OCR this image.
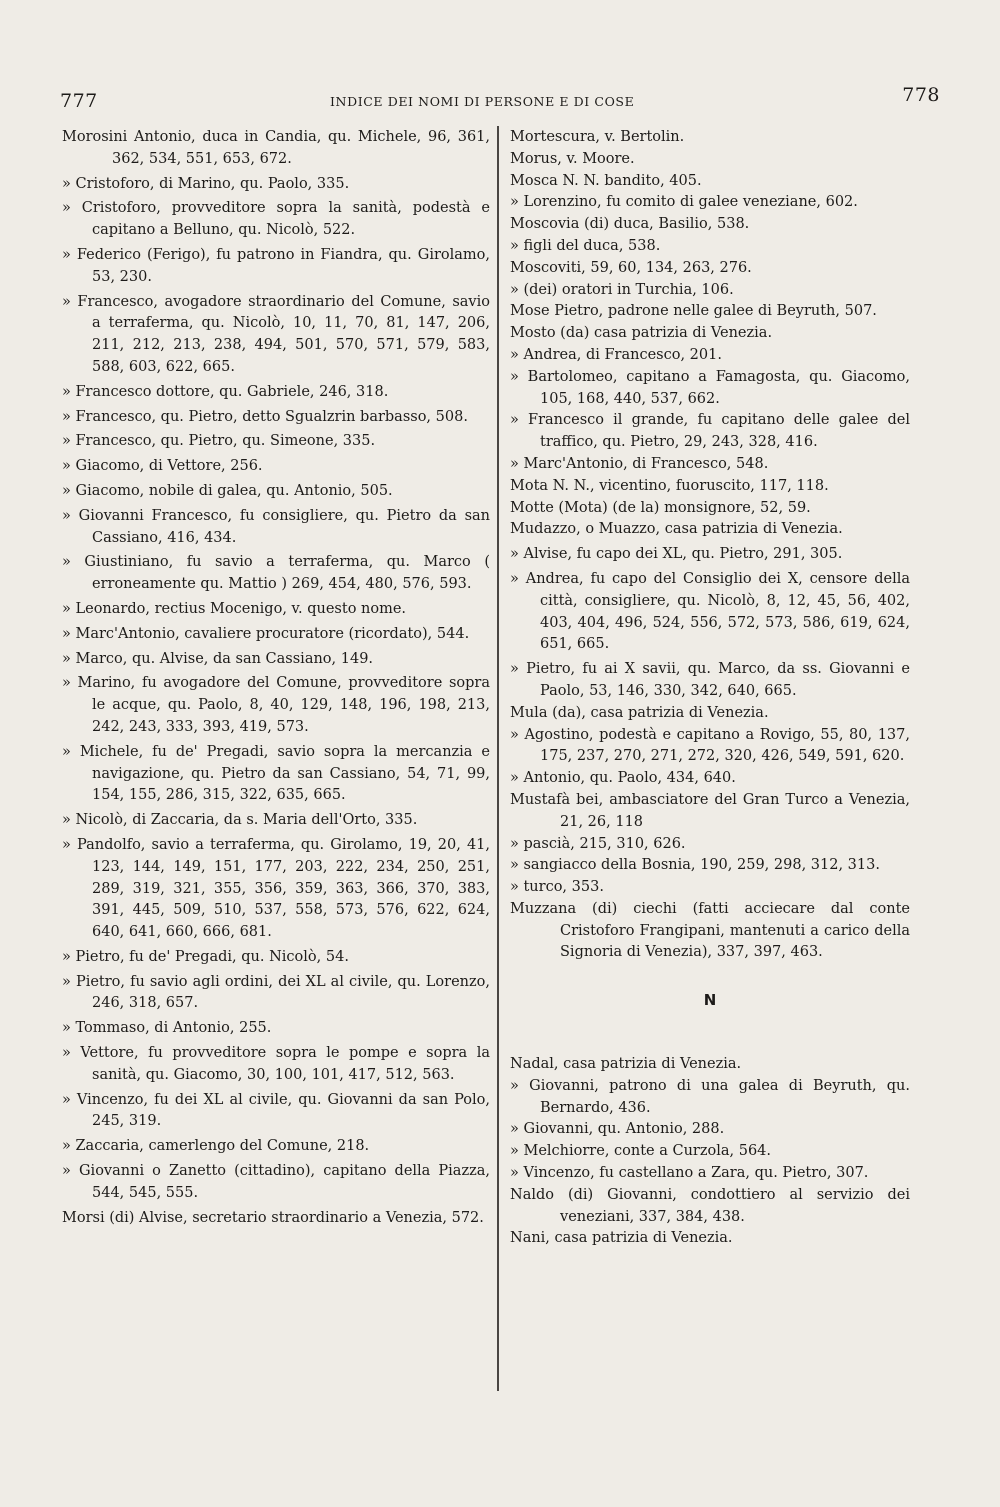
777	INDICE DEI NOMI DI PERSONE E DI COSE	778
Morosini Antonio, duca in Candia, qu. Michele, 96, 361, 362, 534, 551, 653, 672.
» Cristoforo, di Marino, qu. Paolo, 335.
» Cristoforo, provveditore sopra la sanità, podestà e capitano a Belluno, qu. Nicolò, 522.
» Federico (Ferigo), fu patrono in Fiandra, qu. Girolamo, 53, 230.
» Francesco, avogadore straordinario del Comune, savio a terraferma, qu. Nicolò, 10, 11, 70, 81, 147, 206, 211, 212, 213, 238, 494, 501, 570, 571, 579, 583, 588, 603, 622, 665.
» Francesco dottore, qu. Gabriele, 246, 318.
» Francesco, qu. Pietro, detto Sgualzrin barbasso, 508.
» Francesco, qu. Pietro, qu. Simeone, 335.
» Giacomo, di Vettore, 256.
» Giacomo, nobile di galea, qu. Antonio, 505.
» Giovanni Francesco, fu consigliere, qu. Pietro da san Cassiano, 416, 434.
» Giustiniano, fu savio a terraferma, qu. Marco ( erroneamente qu. Mattio ) 269, 454, 480, 576, 593.
» Leonardo, rectius Mocenigo, v. questo nome.
» Marc'Antonio, cavaliere procuratore (ricordato), 544.
» Marco, qu. Alvise, da san Cassiano, 149.
» Marino, fu avogadore del Comune, provveditore sopra le acque, qu. Paolo, 8, 40, 129, 148, 196, 198, 213, 242, 243, 333, 393, 419, 573.
» Michele, fu de' Pregadi, savio sopra la mercanzia e navigazione, qu. Pietro da san Cassiano, 54, 71, 99, 154, 155, 286, 315, 322, 635, 665.
» Nicolò, di Zaccaria, da s. Maria dell'Orto, 335.
» Pandolfo, savio a terraferma, qu. Girolamo, 19, 20, 41, 123, 144, 149, 151, 177, 203, 222, 234, 250, 251, 289, 319, 321, 355, 356, 359, 363, 366, 370, 383, 391, 445, 509, 510, 537, 558, 573, 576, 622, 624, 640, 641, 660, 666, 681.
» Pietro, fu de' Pregadi, qu. Nicolò, 54.
» Pietro, fu savio agli ordini, dei XL al civile, qu. Lorenzo, 246, 318, 657.
» Tommaso, di Antonio, 255.
» Vettore, fu provveditore sopra le pompe e sopra la sanità, qu. Giacomo, 30, 100, 101, 417, 512, 563.
» Vincenzo, fu dei XL al civile, qu. Giovanni da san Polo, 245, 319.
» Zaccaria, camerlengo del Comune, 218.
» Giovanni o Zanetto (cittadino), capitano della Piazza, 544, 545, 555.
Morsi (di) Alvise, secretario straordinario a Venezia, 572.
Mortescura, v. Bertolin.
Morus, v. Moore.
Mosca N. N. bandito, 405.
» Lorenzino, fu comito di galee veneziane, 602.
Moscovia (di) duca, Basilio, 538.
» figli del duca, 538.
Moscoviti, 59, 60, 134, 263, 276.
» (dei) oratori in Turchia, 106.
Mose Pietro, padrone nelle galee di Beyruth, 507.
Mosto (da) casa patrizia di Venezia.
» Andrea, di Francesco, 201.
» Bartolomeo, capitano a Famagosta, qu. Giacomo, 105, 168, 440, 537, 662.
» Francesco il grande, fu capitano delle galee del traffico, qu. Pietro, 29, 243, 328, 416.
» Marc'Antonio, di Francesco, 548.
Mota N. N., vicentino, fuoruscito, 117, 118.
Motte (Mota) (de la) monsignore, 52, 59.
Mudazzo, o Muazzo, casa patrizia di Venezia.
» Alvise, fu capo dei XL, qu. Pietro, 291, 305.
» Andrea, fu capo del Consiglio dei X, censore della città, consigliere, qu. Nicolò, 8, 12, 45, 56, 402, 403, 404, 496, 524, 556, 572, 573, 586, 619, 624, 651, 665.
» Pietro, fu ai X savii, qu. Marco, da ss. Giovanni e Paolo, 53, 146, 330, 342, 640, 665.
Mula (da), casa patrizia di Venezia.
» Agostino, podestà e capitano a Rovigo, 55, 80, 137, 175, 237, 270, 271, 272, 320, 426, 549, 591, 620.
» Antonio, qu. Paolo, 434, 640.
Mustafà bei, ambasciatore del Gran Turco a Venezia, 21, 26, 118
» pascià, 215, 310, 626.
» sangiacco della Bosnia, 190, 259, 298, 312, 313.
» turco, 353.
Muzzana (di) ciechi (fatti acciecare dal conte Cristoforo Frangipani, mantenuti a carico della Signoria di Venezia), 337, 397, 463.
N
Nadal, casa patrizia di Venezia.
» Giovanni, patrono di una galea di Beyruth, qu. Bernardo, 436.
» Giovanni, qu. Antonio, 288.
» Melchiorre, conte a Curzola, 564.
» Vincenzo, fu castellano a Zara, qu. Pietro, 307.
Naldo (di) Giovanni, condottiero al servizio dei veneziani, 337, 384, 438.
Nani, casa patrizia di Venezia.
